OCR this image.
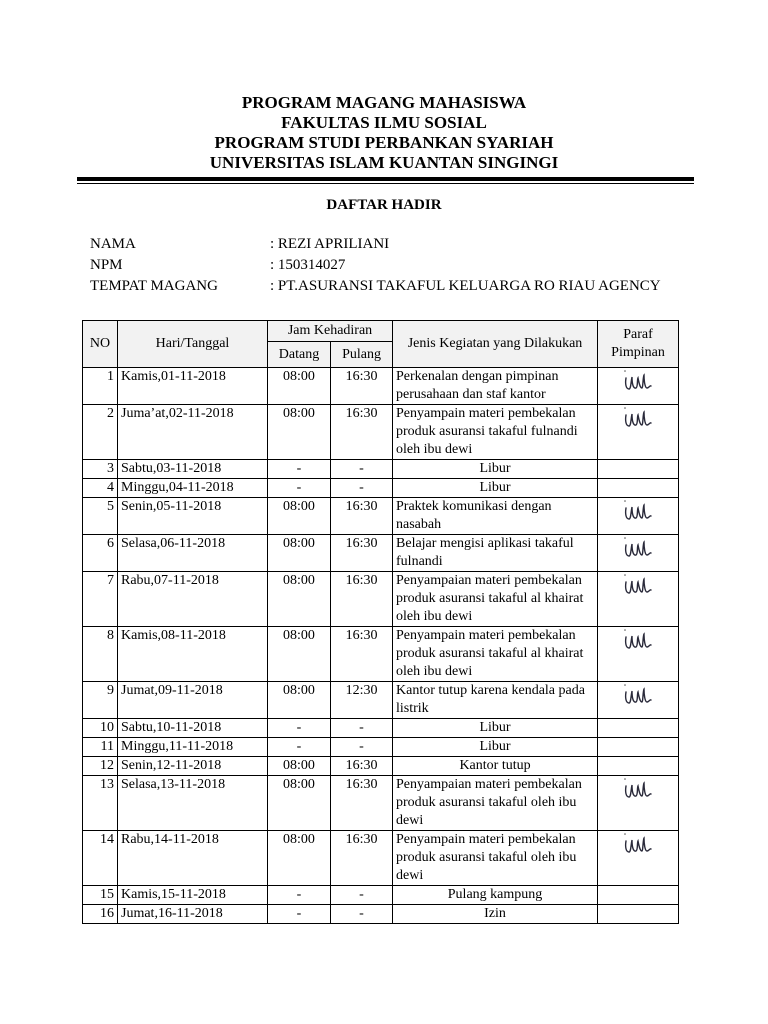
PROGRAM MAGANG MAHASISWA
FAKULTAS ILMU SOSIAL
PROGRAM STUDI PERBANKAN SYARIAH
UNIVERSITAS ISLAM KUANTAN SINGINGI
DAFTAR HADIR
NAMA	: REZI APRILIANI
NPM	: 150314027
TEMPAT MAGANG	: PT.ASURANSI TAKAFUL KELUARGA RO RIAU AGENCY
NO	Hari/Tanggal	Jam Kehadiran		Jenis Kegiatan yang Dilakukan	Paraf Pimpinan
		Datang	Pulang		
1	Kamis,01-11-2018	08:00	16:30	Perkenalan dengan pimpinan perusahaan dan staf kantor	
2	Juma’at,02-11-2018	08:00	16:30	Penyampain materi pembekalan produk asuransi takaful fulnandi oleh ibu dewi	
3	Sabtu,03-11-2018	-	-	Libur	
4	Minggu,04-11-2018	-	-	Libur	
5	Senin,05-11-2018	08:00	16:30	Praktek komunikasi dengan nasabah	
6	Selasa,06-11-2018	08:00	16:30	Belajar mengisi aplikasi takaful fulnandi	
7	Rabu,07-11-2018	08:00	16:30	Penyampaian materi pembekalan produk asuransi takaful al khairat oleh ibu dewi	
8	Kamis,08-11-2018	08:00	16:30	Penyampain materi pembekalan produk asuransi takaful al khairat oleh ibu dewi	
9	Jumat,09-11-2018	08:00	12:30	Kantor tutup karena kendala pada listrik	
10	Sabtu,10-11-2018	-	-	Libur	
11	Minggu,11-11-2018	-	-	Libur	
12	Senin,12-11-2018	08:00	16:30	Kantor tutup	
13	Selasa,13-11-2018	08:00	16:30	Penyampaian materi pembekalan produk asuransi takaful oleh ibu dewi	
14	Rabu,14-11-2018	08:00	16:30	Penyampain materi pembekalan produk asuransi takaful oleh ibu dewi	
15	Kamis,15-11-2018	-	-	Pulang kampung	
16	Jumat,16-11-2018	-	-	Izin	
